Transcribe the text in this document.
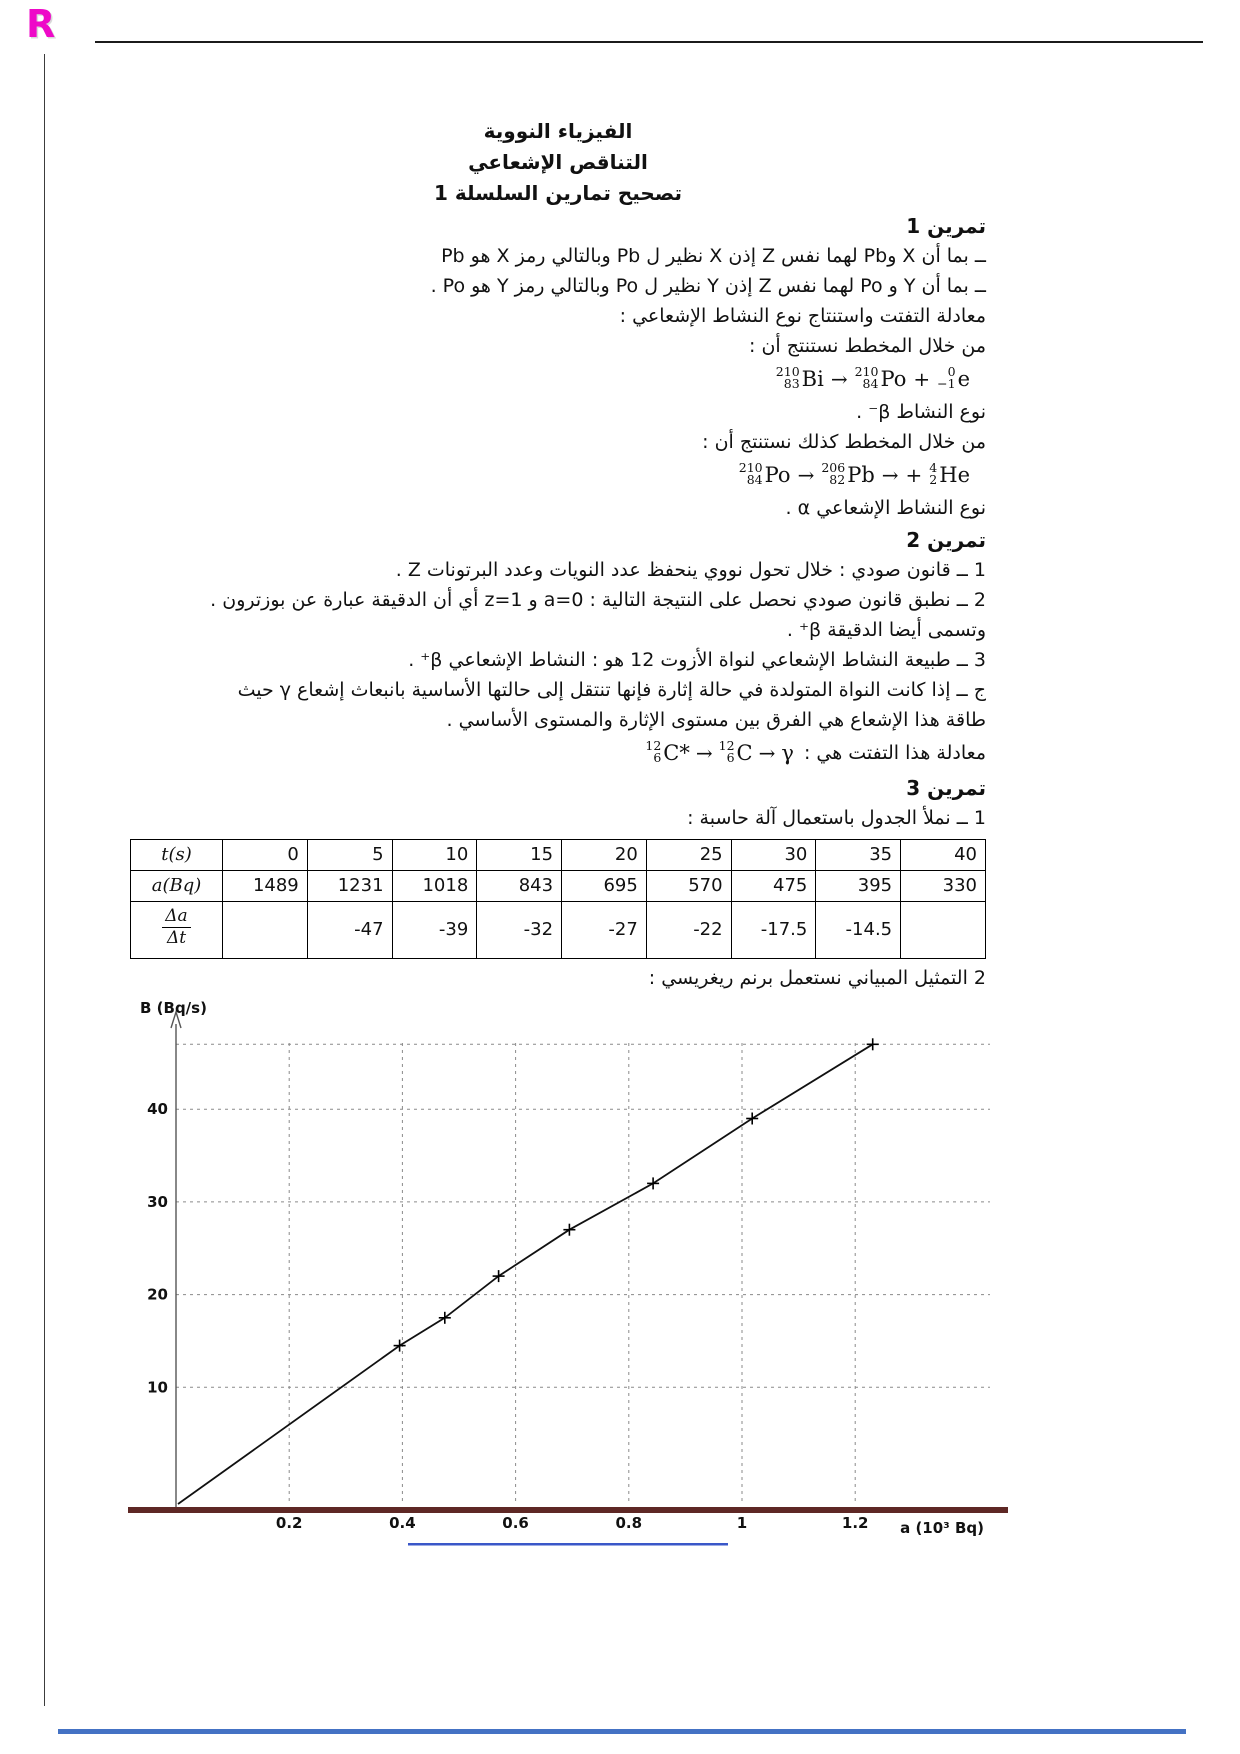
R
الفيزياء النووية
التناقص الإشعاعي
تصحيح تمارين السلسلة 1
تمرين 1
ــ بما أن X وPb لهما نفس Z إذن X نظير ل Pb وبالتالي رمز X هو Pb
ــ بما أن Y و Po لهما نفس Z إذن Y نظير ل Po وبالتالي رمز Y هو Po .
معادلة التفتت واستنتاج نوع النشاط الإشعاعي :
من خلال المخطط نستنتج أن :
210
83 Bi → 210
84 Po + 0
−1 e
نوع النشاط β⁻ .
من خلال المخطط كذلك نستنتج أن :
210
84 Po → 206
82 Pb → + 4
2 He
نوع النشاط الإشعاعي α .
تمرين 2
1 ــ قانون صودي : خلال تحول نووي ينحفظ عدد النويات وعدد البرتونات Z .
2 ــ نطبق قانون صودي نحصل على النتيجة التالية : a=0 و z=1 أي أن الدقيقة عبارة عن بوزترون .
وتسمى أيضا الدقيقة β⁺ .
3 ــ طبيعة النشاط الإشعاعي لنواة الأزوت 12 هو : النشاط الإشعاعي β⁺ .
ج ــ إذا كانت النواة المتولدة في حالة إثارة فإنها تنتقل إلى حالتها الأساسية بانبعاث إشعاع γ حيث
طاقة هذا الإشعاع هي الفرق بين مستوى الإثارة والمستوى الأساسي .
معادلة هذا التفتت هي :
12
6 C* → 12
6 C → γ
تمرين 3
1 ــ نملأ الجدول باستعمال آلة حاسبة :
t(s)	0	5	10	15	20	25	30	35	40
a(Bq)	1489	1231	1018	843	695	570	475	395	330

$\frac{\Delta a}{\Delta t}$		-47	-39	-32	-27	-22	-17.5	-14.5	
2 التمثيل المبياني نستعمل برنم ريغريسي :
10
20
30
40
0.2	0.4	0.6	0.8	1	1.2
B (Bq/s)
a (10³ Bq)
